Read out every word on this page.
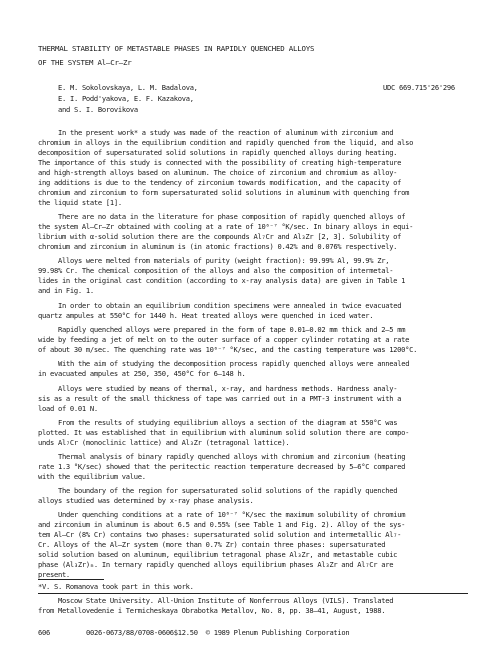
THERMAL STABILITY OF METASTABLE PHASES IN RAPIDLY QUENCHED ALLOYS
OF THE SYSTEM Al–Cr–Zr
E. M. Sokolovskaya, L. M. Badalova,
E. I. Podd'yakova, E. F. Kazakova,
and S. I. Borovikova
UDC 669.715'26'296
In the present work* a study was made of the reaction of aluminum with zirconium and
chromium in alloys in the equilibrium condition and rapidly quenched from the liquid, and also
decomposition of supersaturated solid solutions in rapidly quenched alloys during heating.
The importance of this study is connected with the possibility of creating high-temperature
and high-strength alloys based on aluminum. The choice of zirconium and chromium as alloy-
ing additions is due to the tendency of zirconium towards modification, and the capacity of
chromium and zirconium to form supersaturated solid solutions in aluminum with quenching from
the liquid state [1].
There are no data in the literature for phase composition of rapidly quenched alloys of
the system Al–Cr–Zr obtained with cooling at a rate of 10⁶⁻⁷ °K/sec. In binary alloys in equi-
librium with α-solid solution there are the compounds Al₇Cr and Al₃Zr [2, 3]. Solubility of
chromium and zirconium in aluminum is (in atomic fractions) 0.42% and 0.076% respectively.
Alloys were melted from materials of purity (weight fraction): 99.99% Al, 99.9% Zr,
99.98% Cr. The chemical composition of the alloys and also the composition of intermetal-
lides in the original cast condition (according to x-ray analysis data) are given in Table 1
and in Fig. 1.
In order to obtain an equilibrium condition specimens were annealed in twice evacuated
quartz ampules at 550°C for 1440 h. Heat treated alloys were quenched in iced water.
Rapidly quenched alloys were prepared in the form of tape 0.01–0.02 mm thick and 2–5 mm
wide by feeding a jet of melt on to the outer surface of a copper cylinder rotating at a rate
of about 30 m/sec. The quenching rate was 10⁶⁻⁷ °K/sec, and the casting temperature was 1200°C.
With the aim of studying the decomposition process rapidly quenched alloys were annealed
in evacuated ampules at 250, 350, 450°C for 6–148 h.
Alloys were studied by means of thermal, x-ray, and hardness methods. Hardness analy-
sis as a result of the small thickness of tape was carried out in a PMT-3 instrument with a
load of 0.01 N.
From the results of studying equilibrium alloys a section of the diagram at 550°C was
plotted. It was established that in equilibrium with aluminum solid solution there are compo-
unds Al₇Cr (monoclinic lattice) and Al₃Zr (tetragonal lattice).
Thermal analysis of binary rapidly quenched alloys with chromium and zirconium (heating
rate 1.3 °K/sec) showed that the peritectic reaction temperature decreased by 5–6°C compared
with the equilibrium value.
The boundary of the region for supersaturated solid solutions of the rapidly quenched
alloys studied was determined by x-ray phase analysis.
Under quenching conditions at a rate of 10⁶⁻⁷ °K/sec the maximum solubility of chromium
and zirconium in aluminum is about 6.5 and 0.55% (see Table 1 and Fig. 2). Alloy of the sys-
tem Al–Cr (8% Cr) contains two phases: supersaturated solid solution and intermetallic Al₇-
Cr. Alloys of the Al–Zr system (more than 0.7% Zr) contain three phases: supersaturated
solid solution based on aluminum, equilibrium tetragonal phase Al₃Zr, and metastable cubic
phase (Al₃Zr)ₘ. In ternary rapidly quenched alloys equilibrium phases Al₃Zr and Al₇Cr are
present.
*V. S. Romanova took part in this work.
Moscow State University. All-Union Institute of Nonferrous Alloys (VILS). Translated
from Metallovedenie i Termicheskaya Obrabotka Metallov, No. 8, pp. 38–41, August, 1988.
606	0026-0673/88/0708-0606$12.50  © 1989 Plenum Publishing Corporation
